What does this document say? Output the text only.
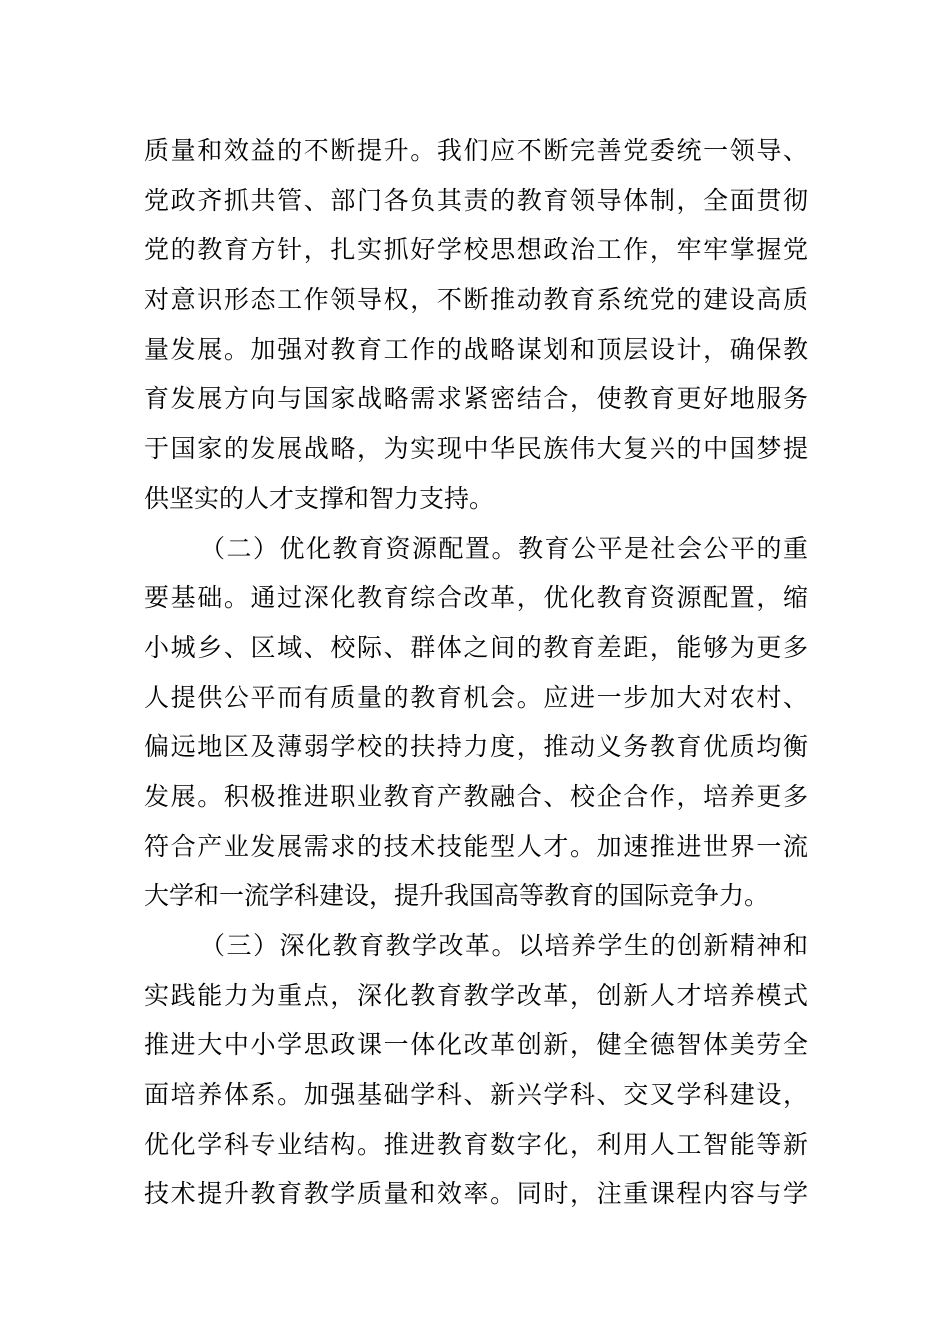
质量和效益的不断提升。我们应不断完善党委统一领导、
党政齐抓共管、部门各负其责的教育领导体制，全面贯彻
党的教育方针，扎实抓好学校思想政治工作，牢牢掌握党
对意识形态工作领导权，不断推动教育系统党的建设高质
量发展。加强对教育工作的战略谋划和顶层设计，确保教
育发展方向与国家战略需求紧密结合，使教育更好地服务
于国家的发展战略，为实现中华民族伟大复兴的中国梦提
供坚实的人才支撑和智力支持。
（二）优化教育资源配置。教育公平是社会公平的重
要基础。通过深化教育综合改革，优化教育资源配置，缩
小城乡、区域、校际、群体之间的教育差距，能够为更多
人提供公平而有质量的教育机会。应进一步加大对农村、
偏远地区及薄弱学校的扶持力度，推动义务教育优质均衡
发展。积极推进职业教育产教融合、校企合作，培养更多
符合产业发展需求的技术技能型人才。加速推进世界一流
大学和一流学科建设，提升我国高等教育的国际竞争力。
（三）深化教育教学改革。以培养学生的创新精神和
实践能力为重点，深化教育教学改革，创新人才培养模式
推进大中小学思政课一体化改革创新，健全德智体美劳全
面培养体系。加强基础学科、新兴学科、交叉学科建设，
优化学科专业结构。推进教育数字化，利用人工智能等新
技术提升教育教学质量和效率。同时，注重课程内容与学
